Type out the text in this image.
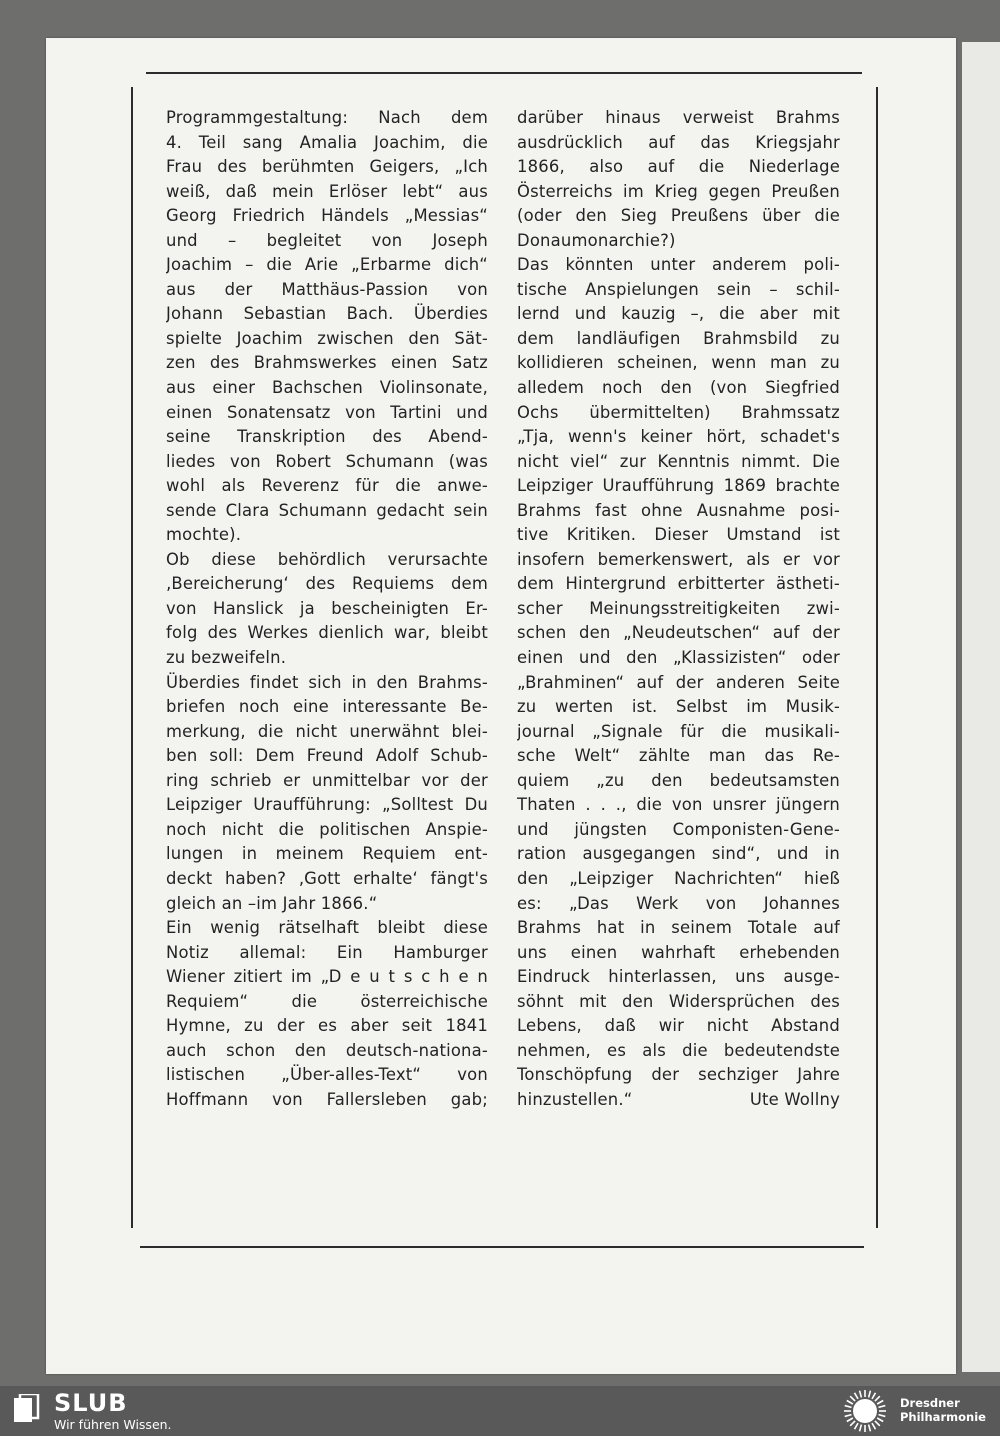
Programmgestaltung: Nach dem
4. Teil sang Amalia Joachim, die
Frau des berühmten Geigers, „Ich
weiß, daß mein Erlöser lebt“ aus
Georg Friedrich Händels „Messias“
und – begleitet von Joseph
Joachim – die Arie „Erbarme dich“
aus der Matthäus-Passion von
Johann Sebastian Bach. Überdies
spielte Joachim zwischen den Sät-
zen des Brahmswerkes einen Satz
aus einer Bachschen Violinsonate,
einen Sonatensatz von Tartini und
seine Transkription des Abend-
liedes von Robert Schumann (was
wohl als Reverenz für die anwe-
sende Clara Schumann gedacht sein
mochte).
Ob diese behördlich verursachte
‚Bereicherung‘ des Requiems dem
von Hanslick ja bescheinigten Er-
folg des Werkes dienlich war, bleibt
zu bezweifeln.
Überdies findet sich in den Brahms-
briefen noch eine interessante Be-
merkung, die nicht unerwähnt blei-
ben soll: Dem Freund Adolf Schub-
ring schrieb er unmittelbar vor der
Leipziger Uraufführung: „Solltest Du
noch nicht die politischen Anspie-
lungen in meinem Requiem ent-
deckt haben? ‚Gott erhalte‘ fängt's
gleich an –im Jahr 1866.“
Ein wenig rätselhaft bleibt diese
Notiz allemal: Ein Hamburger
Wiener zitiert im „D e u t s c h e n
Requiem“ die österreichische
Hymne, zu der es aber seit 1841
auch schon den deutsch-nationa-
listischen „Über-alles-Text“ von
Hoffmann von Fallersleben gab;
darüber hinaus verweist Brahms
ausdrücklich auf das Kriegsjahr
1866, also auf die Niederlage
Österreichs im Krieg gegen Preußen
(oder den Sieg Preußens über die
Donaumonarchie?)
Das könnten unter anderem poli-
tische Anspielungen sein – schil-
lernd und kauzig –, die aber mit
dem landläufigen Brahmsbild zu
kollidieren scheinen, wenn man zu
alledem noch den (von Siegfried
Ochs übermittelten) Brahmssatz
„Tja, wenn's keiner hört, schadet's
nicht viel“ zur Kenntnis nimmt. Die
Leipziger Uraufführung 1869 brachte
Brahms fast ohne Ausnahme posi-
tive Kritiken. Dieser Umstand ist
insofern bemerkenswert, als er vor
dem Hintergrund erbitterter ästheti-
scher Meinungsstreitigkeiten zwi-
schen den „Neudeutschen“ auf der
einen und den „Klassizisten“ oder
„Brahminen“ auf der anderen Seite
zu werten ist. Selbst im Musik-
journal „Signale für die musikali-
sche Welt“ zählte man das Re-
quiem „zu den bedeutsamsten
Thaten . . ., die von unsrer jüngern
und jüngsten Componisten-Gene-
ration ausgegangen sind“, und in
den „Leipziger Nachrichten“ hieß
es: „Das Werk von Johannes
Brahms hat in seinem Totale auf
uns einen wahrhaft erhebenden
Eindruck hinterlassen, uns ausge-
söhnt mit den Widersprüchen des
Lebens, daß wir nicht Abstand
nehmen, es als die bedeutendste
Tonschöpfung der sechziger Jahre
hinzustellen.“	Ute Wollny
SLUB
Wir führen Wissen.
Dresdner
Philharmonie
